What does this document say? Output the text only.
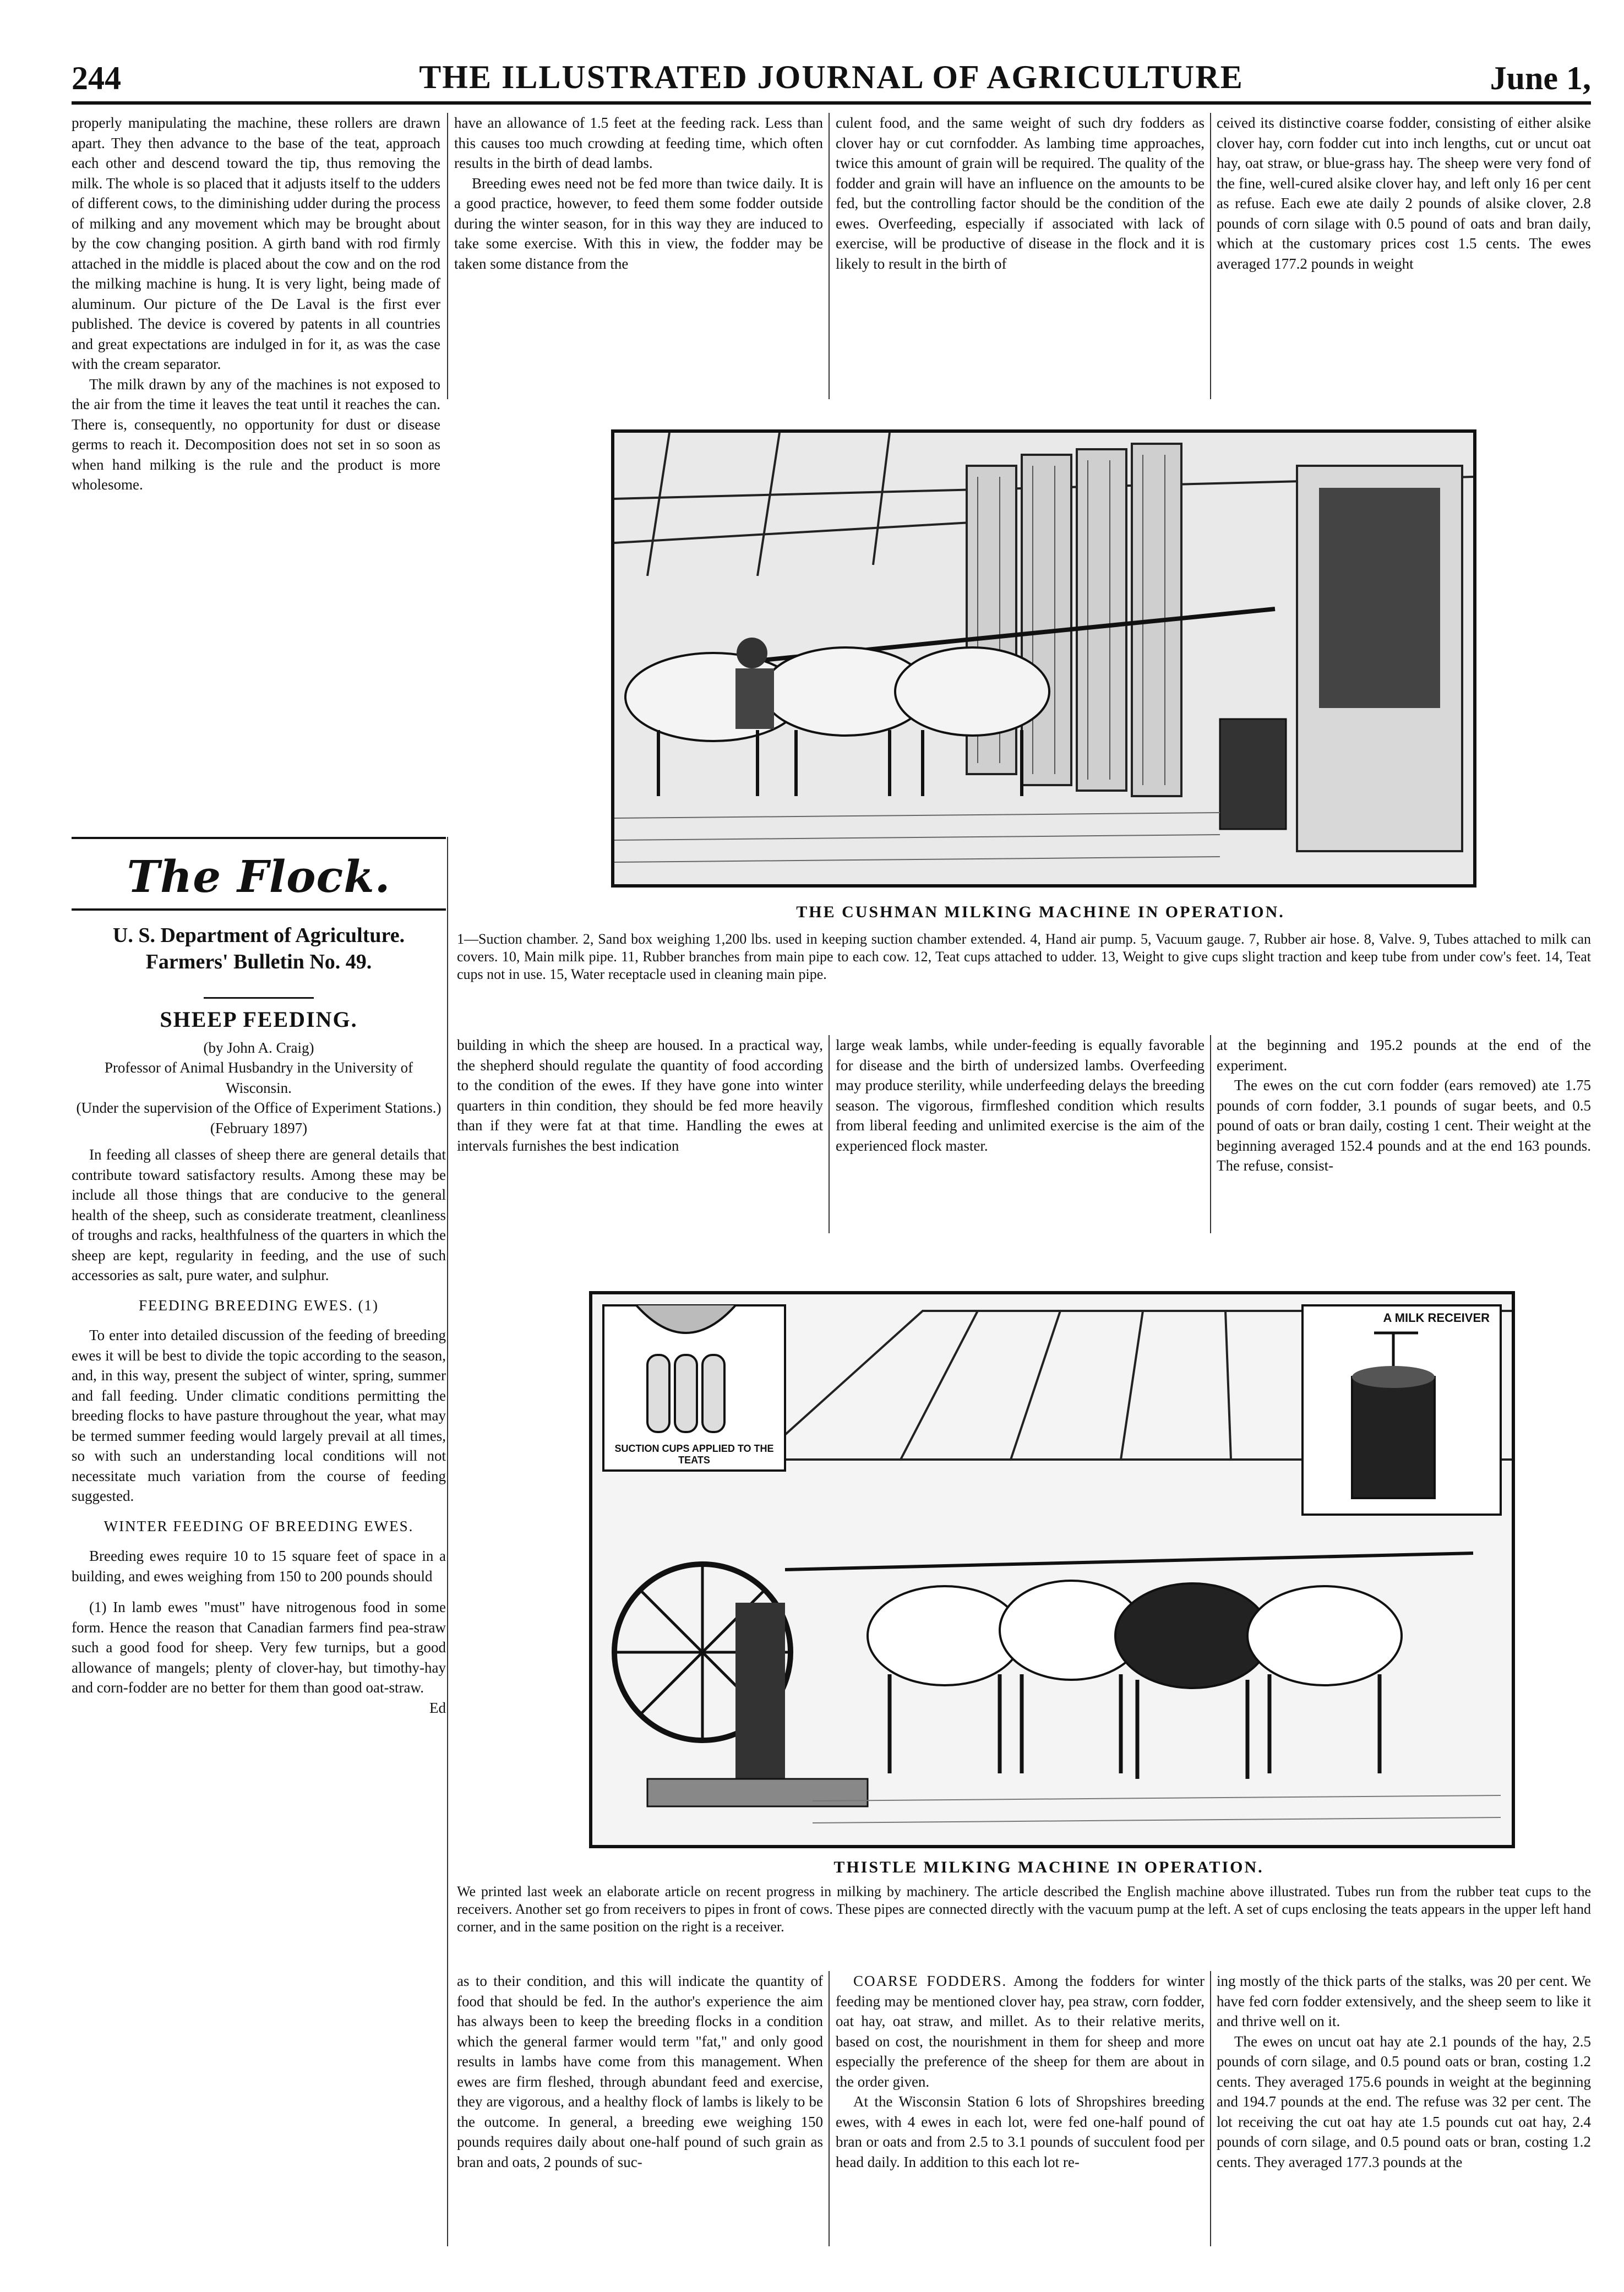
244	THE ILLUSTRATED JOURNAL OF AGRICULTURE	June 1,

properly manipulating the machine, these rollers are drawn apart. They then advance to the base of the teat, approach each other and descend toward the tip, thus removing the milk. The whole is so placed that it adjusts itself to the udders of different cows, to the diminishing udder during the process of milking and any movement which may be brought about by the cow changing position. A girth band with rod firmly attached in the middle is placed about the cow and on the rod the milking machine is hung. It is very light, being made of aluminum. Our picture of the De Laval is the first ever published. The device is covered by patents in all countries and great expectations are indulged in for it, as was the case with the cream separator.

The milk drawn by any of the machines is not exposed to the air from the time it leaves the teat until it reaches the can. There is, consequently, no opportunity for dust or disease germs to reach it. Decomposition does not set in so soon as when hand milking is the rule and the product is more wholesome.

have an allowance of 1.5 feet at the feeding rack. Less than this causes too much crowding at feeding time, which often results in the birth of dead lambs.

Breeding ewes need not be fed more than twice daily. It is a good practice, however, to feed them some fodder outside during the winter season, for in this way they are induced to take some exercise. With this in view, the fodder may be taken some distance from the

culent food, and the same weight of such dry fodders as clover hay or cut cornfodder. As lambing time approaches, twice this amount of grain will be required. The quality of the fodder and grain will have an influence on the amounts to be fed, but the controlling factor should be the condition of the ewes. Overfeeding, especially if associated with lack of exercise, will be productive of disease in the flock and it is likely to result in the birth of

ceived its distinctive coarse fodder, consisting of either alsike clover hay, corn fodder cut into inch lengths, cut or uncut oat hay, oat straw, or blue-grass hay. The sheep were very fond of the fine, well-cured alsike clover hay, and left only 16 per cent as refuse. Each ewe ate daily 2 pounds of alsike clover, 2.8 pounds of corn silage with 0.5 pound of oats and bran daily, which at the customary prices cost 1.5 cents. The ewes averaged 177.2 pounds in weight

THE CUSHMAN MILKING MACHINE IN OPERATION.
1—Suction chamber. 2, Sand box weighing 1,200 lbs. used in keeping suction chamber extended. 4, Hand air pump. 5, Vacuum gauge. 7, Rubber air hose. 8, Valve. 9, Tubes attached to milk can covers. 10, Main milk pipe. 11, Rubber branches from main pipe to each cow. 12, Teat cups attached to udder. 13, Weight to give cups slight traction and keep tube from under cow's feet. 14, Teat cups not in use. 15, Water receptacle used in cleaning main pipe.
The Flock.
U. S. Department of Agriculture.
Farmers' Bulletin No. 49.
SHEEP FEEDING.

(by John A. Craig)

Professor of Animal Husbandry in the University of Wisconsin.

(Under the supervision of the Office of Experiment Stations.)

(February 1897)

In feeding all classes of sheep there are general details that contribute toward satisfactory results. Among these may be include all those things that are conducive to the general health of the sheep, such as considerate treatment, cleanliness of troughs and racks, healthfulness of the quarters in which the sheep are kept, regularity in feeding, and the use of such accessories as salt, pure water, and sulphur.

FEEDING BREEDING EWES. (1)

To enter into detailed discussion of the feeding of breeding ewes it will be best to divide the topic according to the season, and, in this way, present the subject of winter, spring, summer and fall feeding. Under climatic conditions permitting the breeding flocks to have pasture throughout the year, what may be termed summer feeding would largely prevail at all times, so with such an understanding local conditions will not necessitate much variation from the course of feeding suggested.

WINTER FEEDING OF BREEDING EWES.

Breeding ewes require 10 to 15 square feet of space in a building, and ewes weighing from 150 to 200 pounds should

(1) In lamb ewes "must" have nitrogenous food in some form. Hence the reason that Canadian farmers find pea-straw such a good food for sheep. Very few turnips, but a good allowance of mangels; plenty of clover-hay, but timothy-hay and corn-fodder are no better for them than good oat-straw.

Ed

building in which the sheep are housed. In a practical way, the shepherd should regulate the quantity of food according to the condition of the ewes. If they have gone into winter quarters in thin condition, they should be fed more heavily than if they were fat at that time. Handling the ewes at intervals furnishes the best indication

large weak lambs, while under-feeding is equally favorable for disease and the birth of undersized lambs. Overfeeding may produce sterility, while underfeeding delays the breeding season. The vigorous, firmfleshed condition which results from liberal feeding and unlimited exercise is the aim of the experienced flock master.

at the beginning and 195.2 pounds at the end of the experiment.

The ewes on the cut corn fodder (ears removed) ate 1.75 pounds of corn fodder, 3.1 pounds of sugar beets, and 0.5 pound of oats or bran daily, costing 1 cent. Their weight at the beginning averaged 152.4 pounds and at the end 163 pounds. The refuse, consist-

A MILK RECEIVER
SUCTION CUPS APPLIED TO THE TEATS
THISTLE MILKING MACHINE IN OPERATION.
We printed last week an elaborate article on recent progress in milking by machinery. The article described the English machine above illustrated. Tubes run from the rubber teat cups to the receivers. Another set go from receivers to pipes in front of cows. These pipes are connected directly with the vacuum pump at the left. A set of cups enclosing the teats appears in the upper left hand corner, and in the same position on the right is a receiver.

as to their condition, and this will indicate the quantity of food that should be fed. In the author's experience the aim has always been to keep the breeding flocks in a condition which the general farmer would term "fat," and only good results in lambs have come from this management. When ewes are firm fleshed, through abundant feed and exercise, they are vigorous, and a healthy flock of lambs is likely to be the outcome. In general, a breeding ewe weighing 150 pounds requires daily about one-half pound of such grain as bran and oats, 2 pounds of suc-

COARSE FODDERS. Among the fodders for winter feeding may be mentioned clover hay, pea straw, corn fodder, oat hay, oat straw, and millet. As to their relative merits, based on cost, the nourishment in them for sheep and more especially the preference of the sheep for them are about in the order given.

At the Wisconsin Station 6 lots of Shropshires breeding ewes, with 4 ewes in each lot, were fed one-half pound of bran or oats and from 2.5 to 3.1 pounds of succulent food per head daily. In addition to this each lot re-

ing mostly of the thick parts of the stalks, was 20 per cent. We have fed corn fodder extensively, and the sheep seem to like it and thrive well on it.

The ewes on uncut oat hay ate 2.1 pounds of the hay, 2.5 pounds of corn silage, and 0.5 pound oats or bran, costing 1.2 cents. They averaged 175.6 pounds in weight at the beginning and 194.7 pounds at the end. The refuse was 32 per cent. The lot receiving the cut oat hay ate 1.5 pounds cut oat hay, 2.4 pounds of corn silage, and 0.5 pound oats or bran, costing 1.2 cents. They averaged 177.3 pounds at the
